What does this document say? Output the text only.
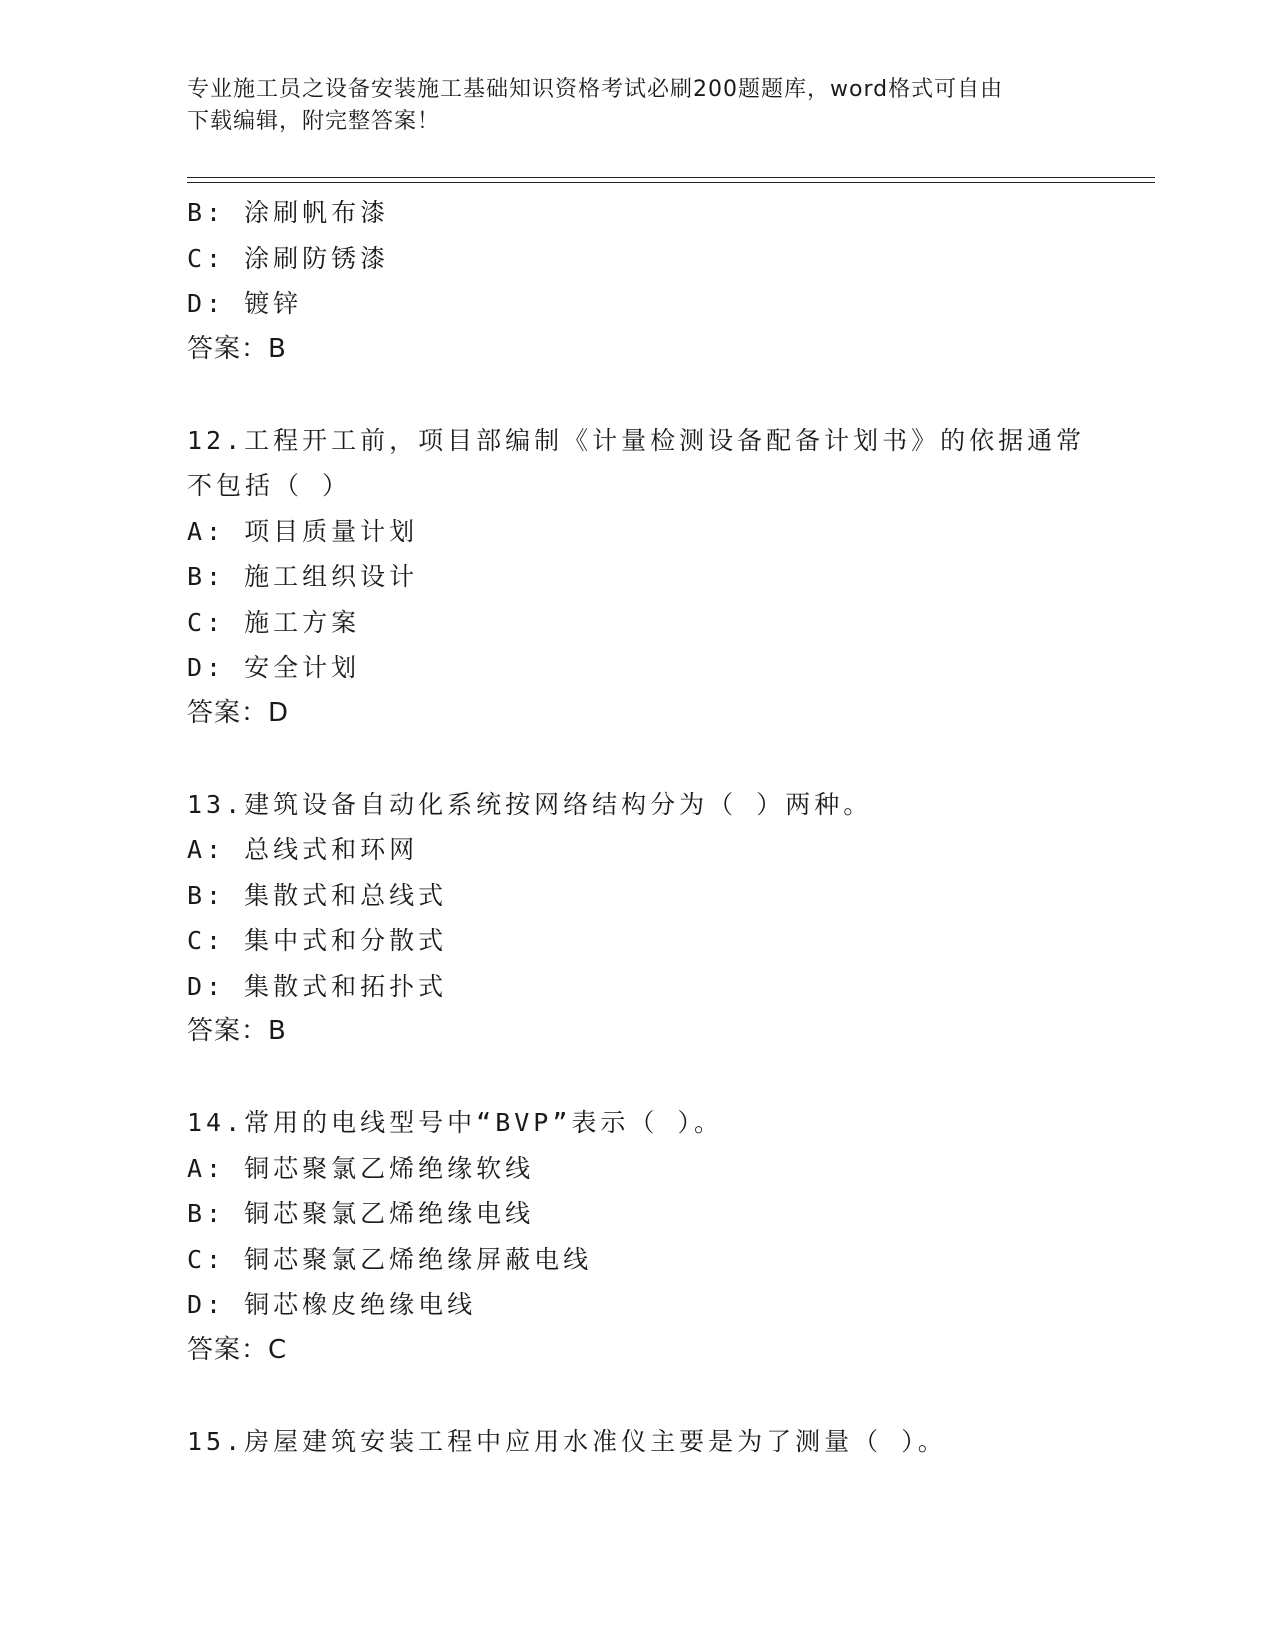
专业施工员之设备安装施工基础知识资格考试必刷200题题库，word格式可自由
下载编辑，附完整答案！
B: 涂刷帆布漆
C: 涂刷防锈漆
D: 镀锌
答案：B
12.工程开工前，项目部编制《计量检测设备配备计划书》的依据通常
不包括（ ）
A: 项目质量计划
B: 施工组织设计
C: 施工方案
D: 安全计划
答案：D
13.建筑设备自动化系统按网络结构分为（ ）两种。
A: 总线式和环网
B: 集散式和总线式
C: 集中式和分散式
D: 集散式和拓扑式
答案：B
14.常用的电线型号中“BVP”表示（ ）。
A: 铜芯聚氯乙烯绝缘软线
B: 铜芯聚氯乙烯绝缘电线
C: 铜芯聚氯乙烯绝缘屏蔽电线
D: 铜芯橡皮绝缘电线
答案：C
15.房屋建筑安装工程中应用水准仪主要是为了测量（ ）。
